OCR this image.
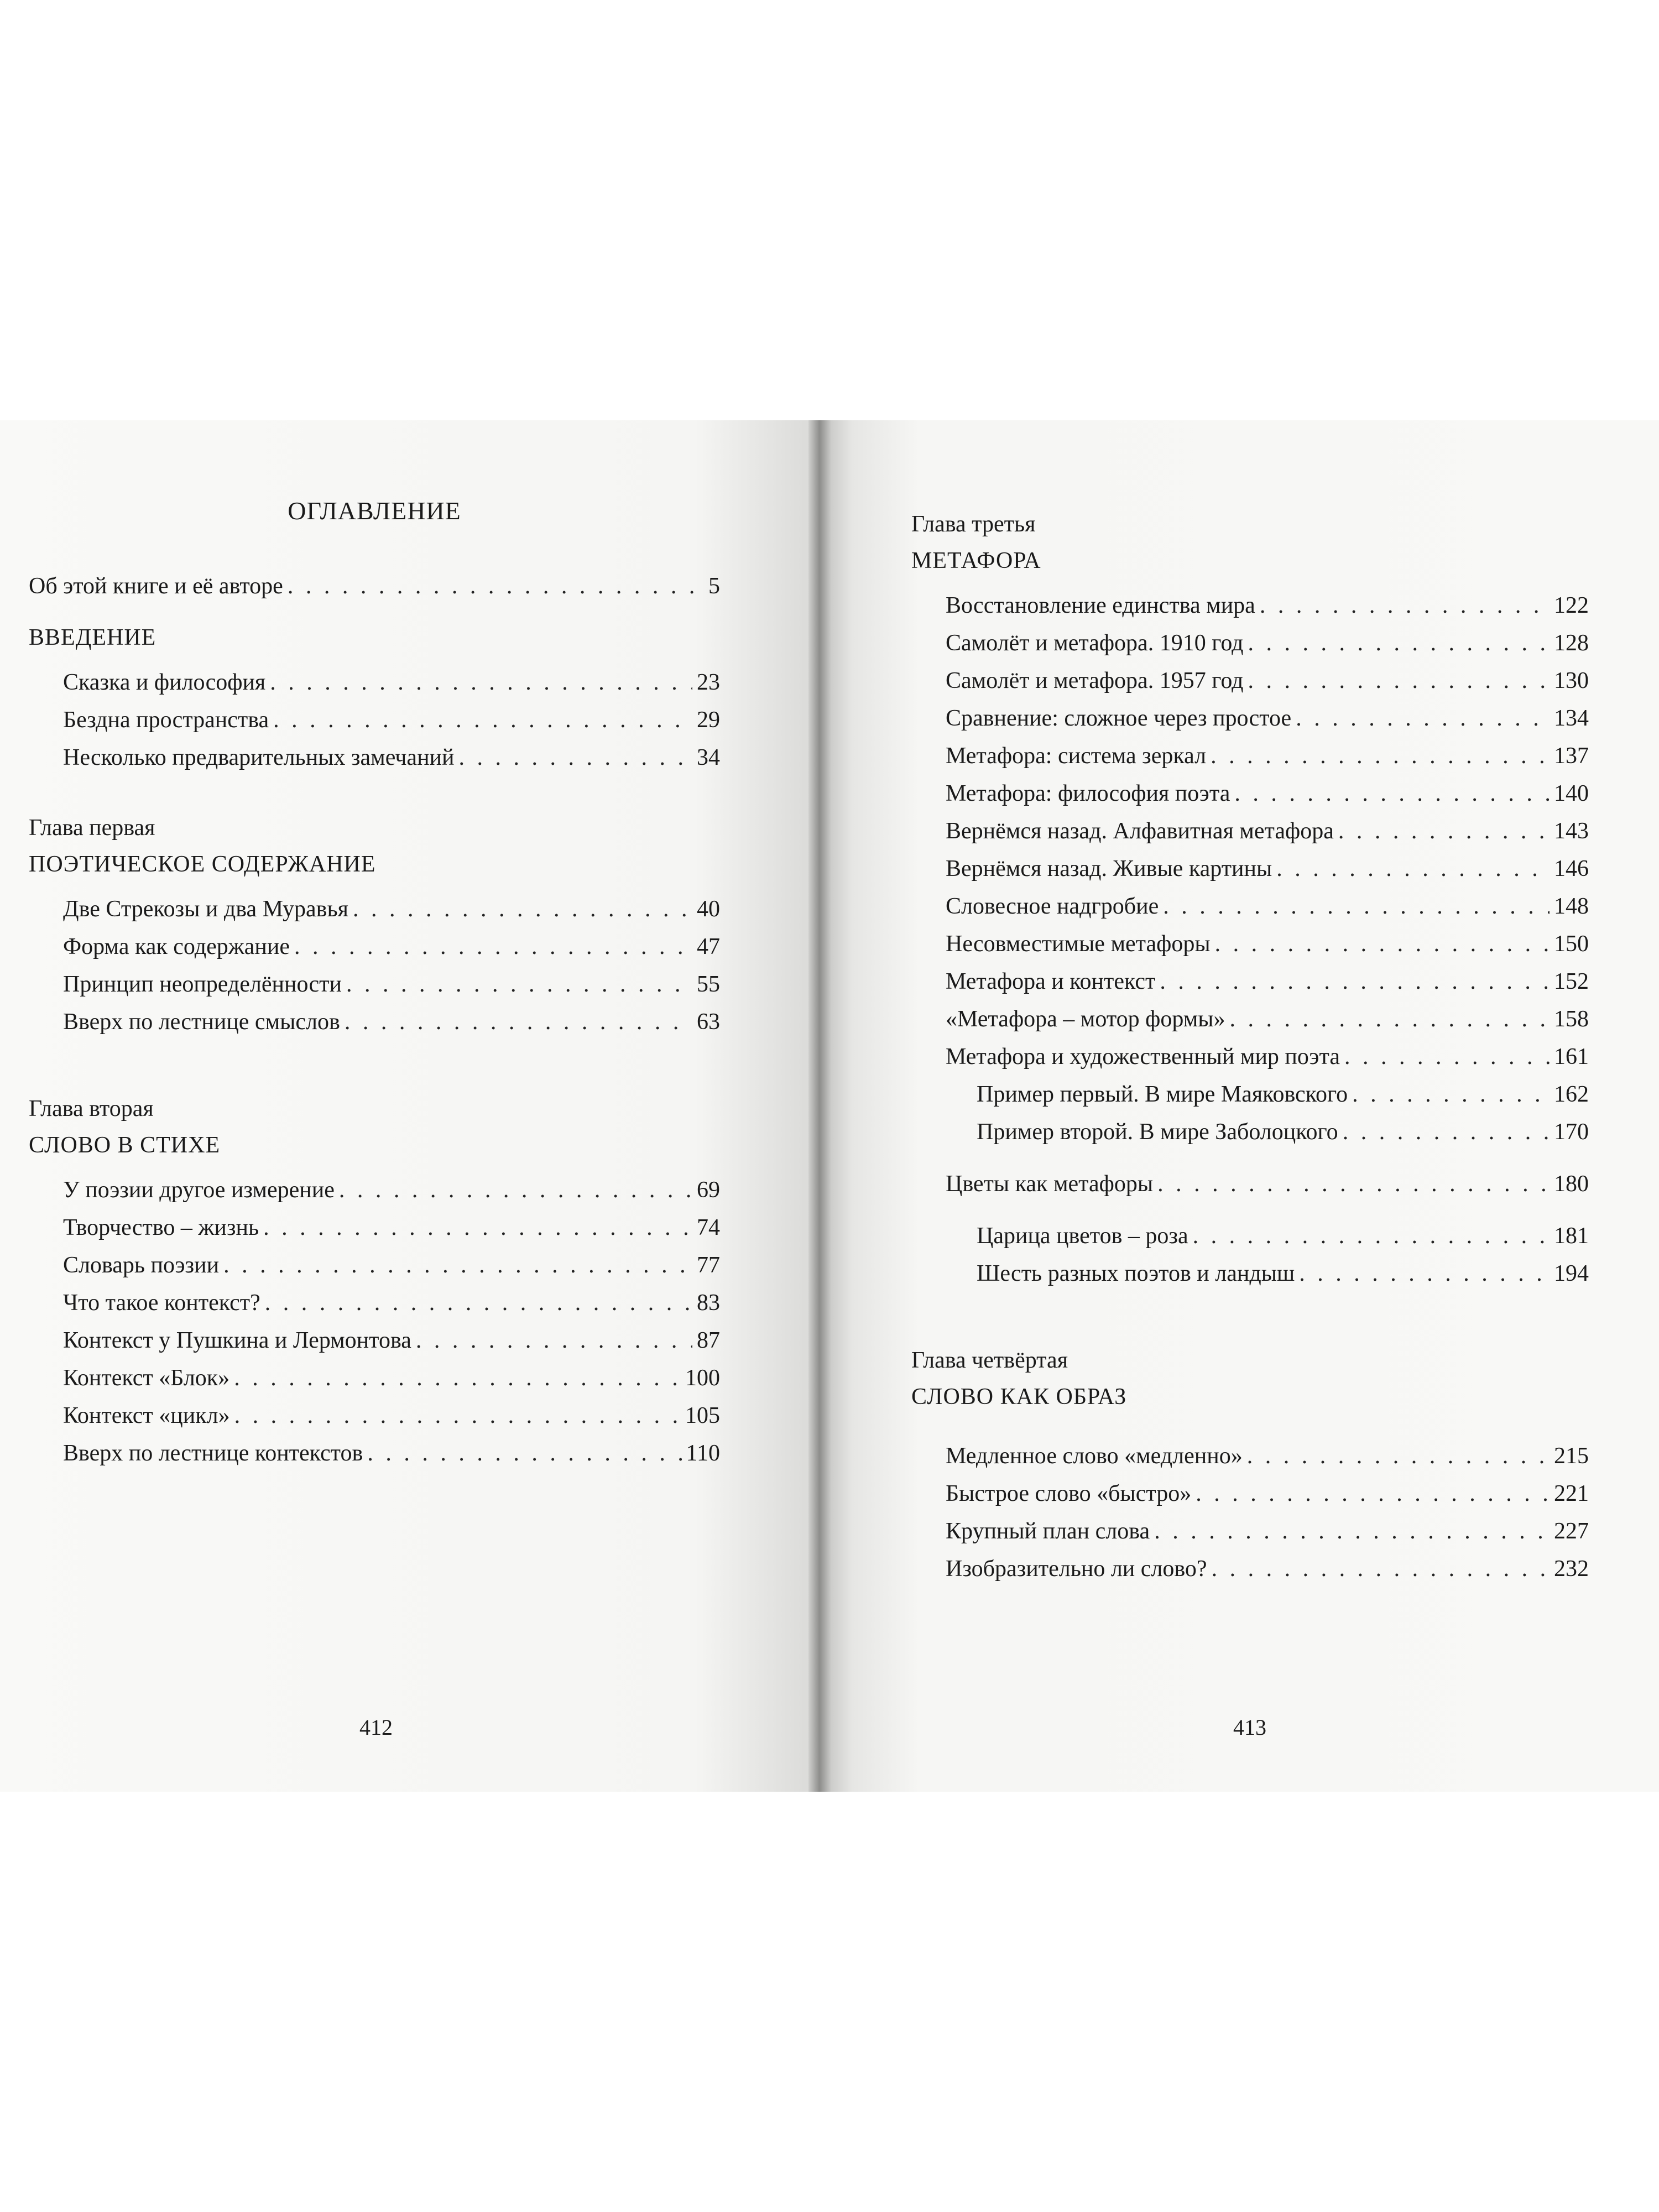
ОГЛАВЛЕНИЕ
Об этой книге и её авторе . . .	5
ВВЕДЕНИЕ
Сказка и философия . . .	23
Бездна пространства . . .	29
Несколько предварительных замечаний . . .	34
Глава первая
ПОЭТИЧЕСКОЕ СОДЕРЖАНИЕ
Две Стрекозы и два Муравья . . .	40
Форма как содержание . . .	47
Принцип неопределённости . . .	55
Вверх по лестнице смыслов . . .	63
Глава вторая
СЛОВО В СТИХЕ
У поэзии другое измерение . . .	69
Творчество – жизнь . . .	74
Словарь поэзии . . .	77
Что такое контекст? . . .	83
Контекст у Пушкина и Лермонтова . . .	87
Контекст «Блок» . . .	100
Контекст «цикл» . . .	105
Вверх по лестнице контекстов . . .	110
412
Глава третья
МЕТАФОРА
Восстановление единства мира . . .	122
Самолёт и метафора. 1910 год . . .	128
Самолёт и метафора. 1957 год . . .	130
Сравнение: сложное через простое . . .	134
Метафора: система зеркал . . .	137
Метафора: философия поэта . . .	140
Вернёмся назад. Алфавитная метафора . . .	143
Вернёмся назад. Живые картины . . .	146
Словесное надгробие . . .	148
Несовместимые метафоры . . .	150
Метафора и контекст . . .	152
«Метафора – мотор формы» . . .	158
Метафора и художественный мир поэта . . .	161
Пример первый. В мире Маяковского . . .	162
Пример второй. В мире Заболоцкого . . .	170
Цветы как метафоры . . .	180
Царица цветов – роза . . .	181
Шесть разных поэтов и ландыш . . .	194
Глава четвёртая
СЛОВО КАК ОБРАЗ
Медленное слово «медленно» . . .	215
Быстрое слово «быстро» . . .	221
Крупный план слова . . .	227
Изобразительно ли слово? . . .	232
413
